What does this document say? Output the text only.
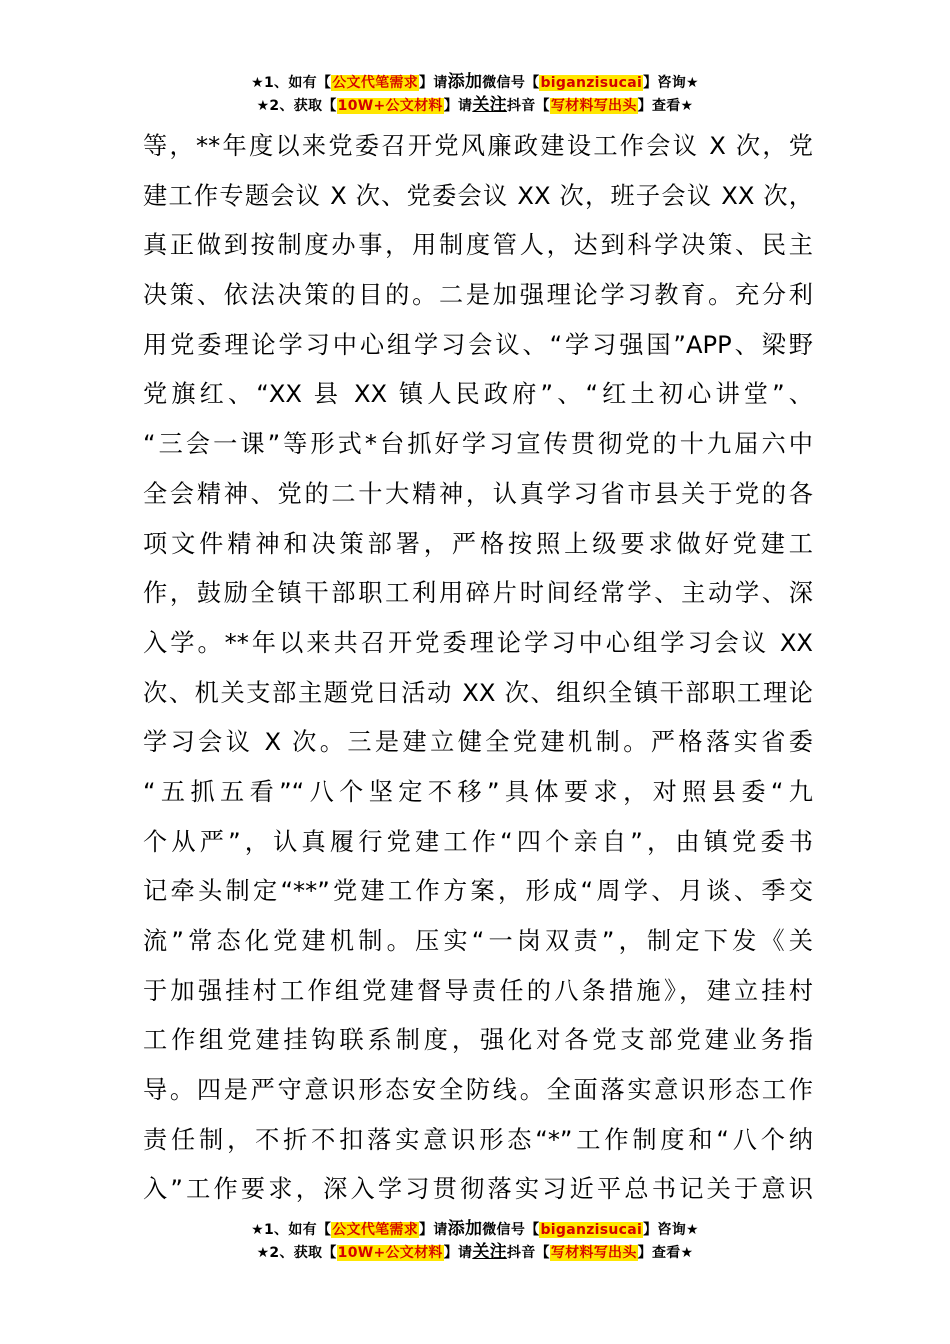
★1、如有【公文代笔需求】请添加微信号【biganzisucai】咨询★
★2、获取【10W+公文材料】请关注抖音【写材料写出头】查看★
等，**年度以来党委召开党风廉政建设工作会议 X 次，党
建工作专题会议 X 次、党委会议 XX 次，班子会议 XX 次，
真正做到按制度办事，用制度管人，达到科学决策、民主
决策、依法决策的目的。二是加强理论学习教育。充分利
用党委理论学习中心组学习会议、“学习强国”APP、梁野
党旗红、“XX 县 XX 镇人民政府”、“红土初心讲堂”、
“三会一课”等形式*台抓好学习宣传贯彻党的十九届六中
全会精神、党的二十大精神，认真学习省市县关于党的各
项文件精神和决策部署，严格按照上级要求做好党建工
作，鼓励全镇干部职工利用碎片时间经常学、主动学、深
入学。**年以来共召开党委理论学习中心组学习会议 XX
次、机关支部主题党日活动 XX 次、组织全镇干部职工理论
学习会议 X 次。三是建立健全党建机制。严格落实省委
“五抓五看”“八个坚定不移”具体要求，对照县委“九
个从严”，认真履行党建工作“四个亲自”，由镇党委书
记牵头制定“**”党建工作方案，形成“周学、月谈、季交
流”常态化党建机制。压实“一岗双责”，制定下发《关
于加强挂村工作组党建督导责任的八条措施》，建立挂村
工作组党建挂钩联系制度，强化对各党支部党建业务指
导。四是严守意识形态安全防线。全面落实意识形态工作
责任制，不折不扣落实意识形态“*”工作制度和“八个纳
入”工作要求，深入学习贯彻落实习近平总书记关于意识
★1、如有【公文代笔需求】请添加微信号【biganzisucai】咨询★
★2、获取【10W+公文材料】请关注抖音【写材料写出头】查看★
